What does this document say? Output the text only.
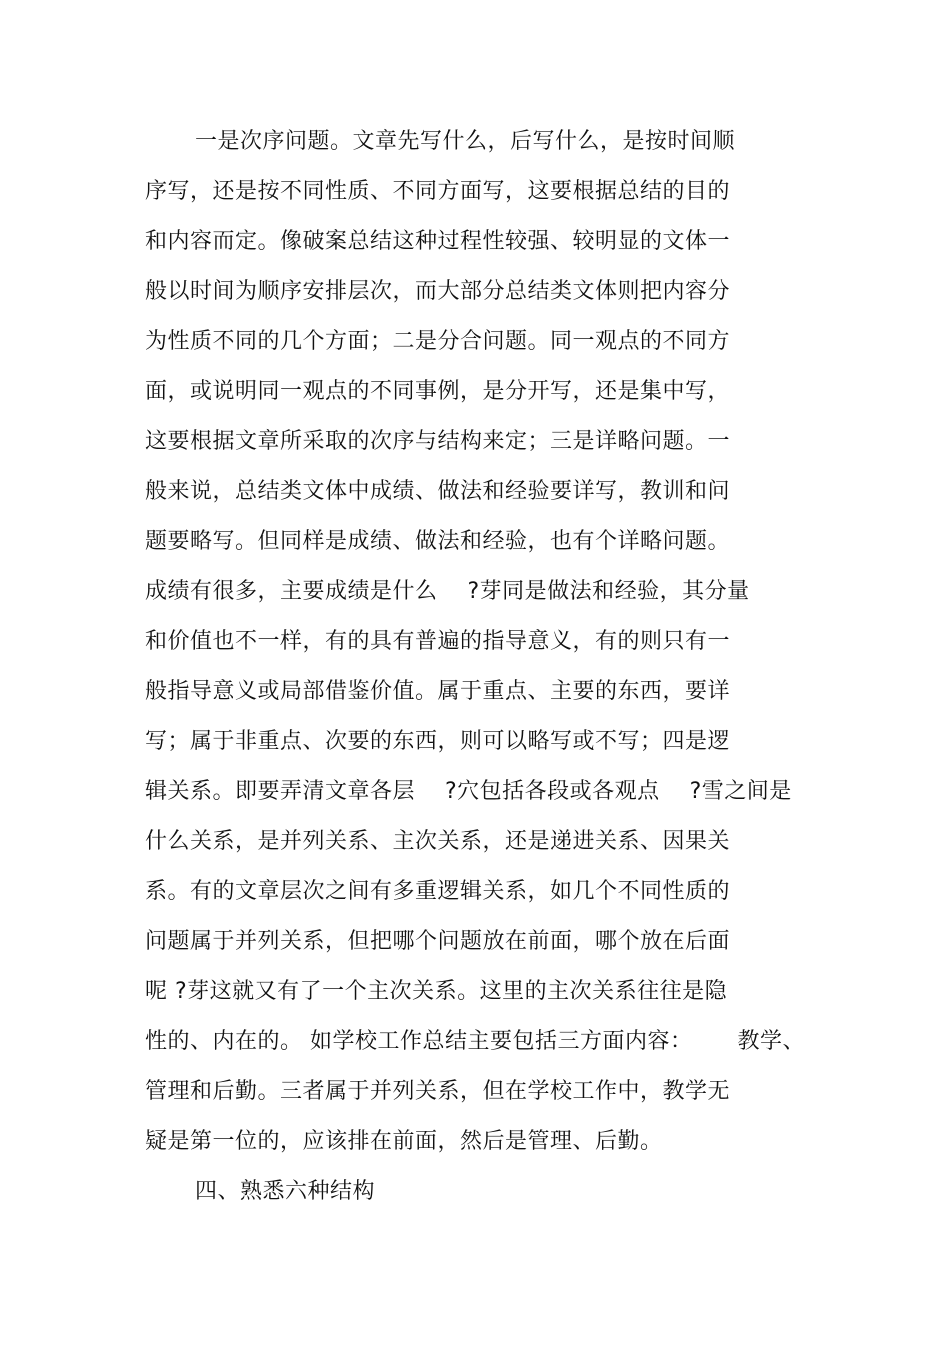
一是次序问题。文章先写什么，后写什么，是按时间顺
序写，还是按不同性质、不同方面写，这要根据总结的目的
和内容而定。像破案总结这种过程性较强、较明显的文体一
般以时间为顺序安排层次，而大部分总结类文体则把内容分
为性质不同的几个方面；二是分合问题。同一观点的不同方
面，或说明同一观点的不同事例，是分开写，还是集中写，
这要根据文章所采取的次序与结构来定；三是详略问题。一
般来说，总结类文体中成绩、做法和经验要详写，教训和问
题要略写。但同样是成绩、做法和经验，也有个详略问题。
成绩有很多，主要成绩是什么    ?芽同是做法和经验，其分量
和价值也不一样，有的具有普遍的指导意义，有的则只有一
般指导意义或局部借鉴价值。属于重点、主要的东西，要详
写；属于非重点、次要的东西，则可以略写或不写；四是逻
辑关系。即要弄清文章各层    ?穴包括各段或各观点    ?雪之间是
什么关系，是并列关系、主次关系，还是递进关系、因果关
系。有的文章层次之间有多重逻辑关系，如几个不同性质的
问题属于并列关系，但把哪个问题放在前面，哪个放在后面
呢 ?芽这就又有了一个主次关系。这里的主次关系往往是隐
性的、内在的。 如学校工作总结主要包括三方面内容：      教学、
管理和后勤。三者属于并列关系，但在学校工作中，教学无
疑是第一位的，应该排在前面，然后是管理、后勤。
四、熟悉六种结构
